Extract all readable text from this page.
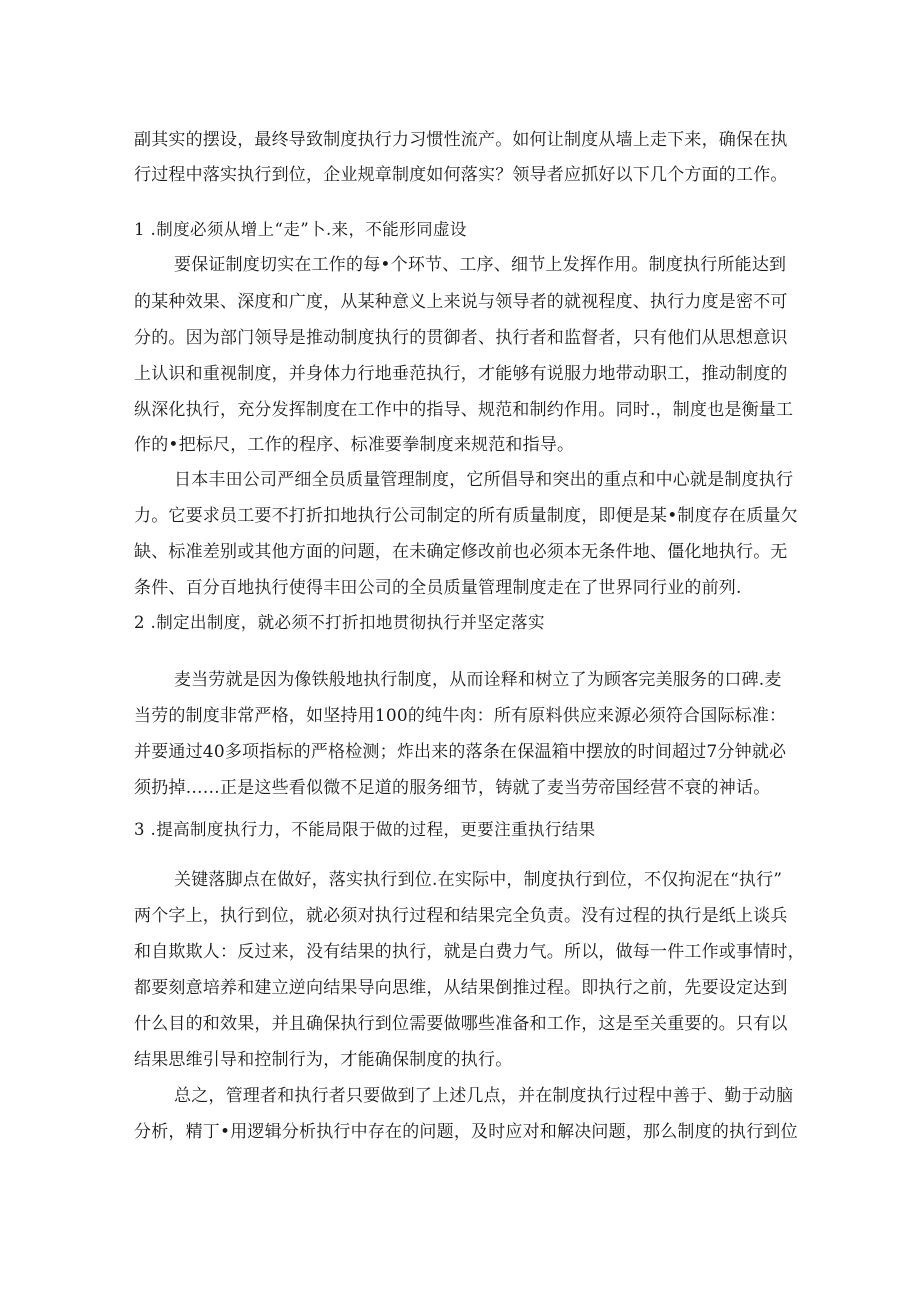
副其实的摆设，最终导致制度执行力习惯性流产。如何让制度从墙上走下来，确保在执

行过程中落实执行到位，企业规章制度如何落实？领导者应抓好以下几个方面的工作。

1 .制度必须从增上“走”卜.来，不能形同虚设

要保证制度切实在工作的每•个环节、工序、细节上发挥作用。制度执行所能达到

的某种效果、深度和广度，从某种意义上来说与领导者的就视程度、执行力度是密不可

分的。因为部门领导是推动制度执行的贯御者、执行者和监督者，只有他们从思想意识

上认识和重视制度，并身体力行地垂范执行，才能够有说服力地带动职工，推动制度的

纵深化执行，充分发挥制度在工作中的指导、规范和制约作用。同时.，制度也是衡量工

作的•把标尺，工作的程序、标准要拳制度来规范和指导。

日本丰田公司严细全员质量管理制度，它所倡导和突出的重点和中心就是制度执行

力。它要求员工要不打折扣地执行公司制定的所有质量制度，即便是某•制度存在质量欠

缺、标准差别或其他方面的问题，在未确定修改前也必须本无条件地、僵化地执行。无

条件、百分百地执行使得丰田公司的全员质量管理制度走在了世界同行业的前列.

2 .制定出制度，就必须不打折扣地贯彻执行并坚定落实

麦当劳就是因为像铁般地执行制度，从而诠释和树立了为顾客完美服务的口碑.麦

当劳的制度非常严格，如坚持用100的纯牛肉：所有原料供应来源必须符合国际标准：

并要通过40多项指标的严格检测；炸出来的落条在保温箱中摆放的时间超过7分钟就必

须扔掉……正是这些看似微不足道的服务细节，铸就了麦当劳帝国经营不衰的神话。

3 .提高制度执行力，不能局限于做的过程，更要注重执行结果

关键落脚点在做好，落实执行到位.在实际中，制度执行到位，不仅拘泥在“执行”

两个字上，执行到位，就必须对执行过程和结果完全负责。没有过程的执行是纸上谈兵

和自欺欺人：反过来，没有结果的执行，就是白费力气。所以，做每一件工作或事情时，

都要刻意培养和建立逆向结果导向思维，从结果倒推过程。即执行之前，先要设定达到

什么目的和效果，并且确保执行到位需要做哪些准备和工作，这是至关重要的。只有以

结果思维引导和控制行为，才能确保制度的执行。

总之，管理者和执行者只要做到了上述几点，并在制度执行过程中善于、勤于动脑

分析，精丁•用逻辑分析执行中存在的问题，及时应对和解决问题，那么制度的执行到位
